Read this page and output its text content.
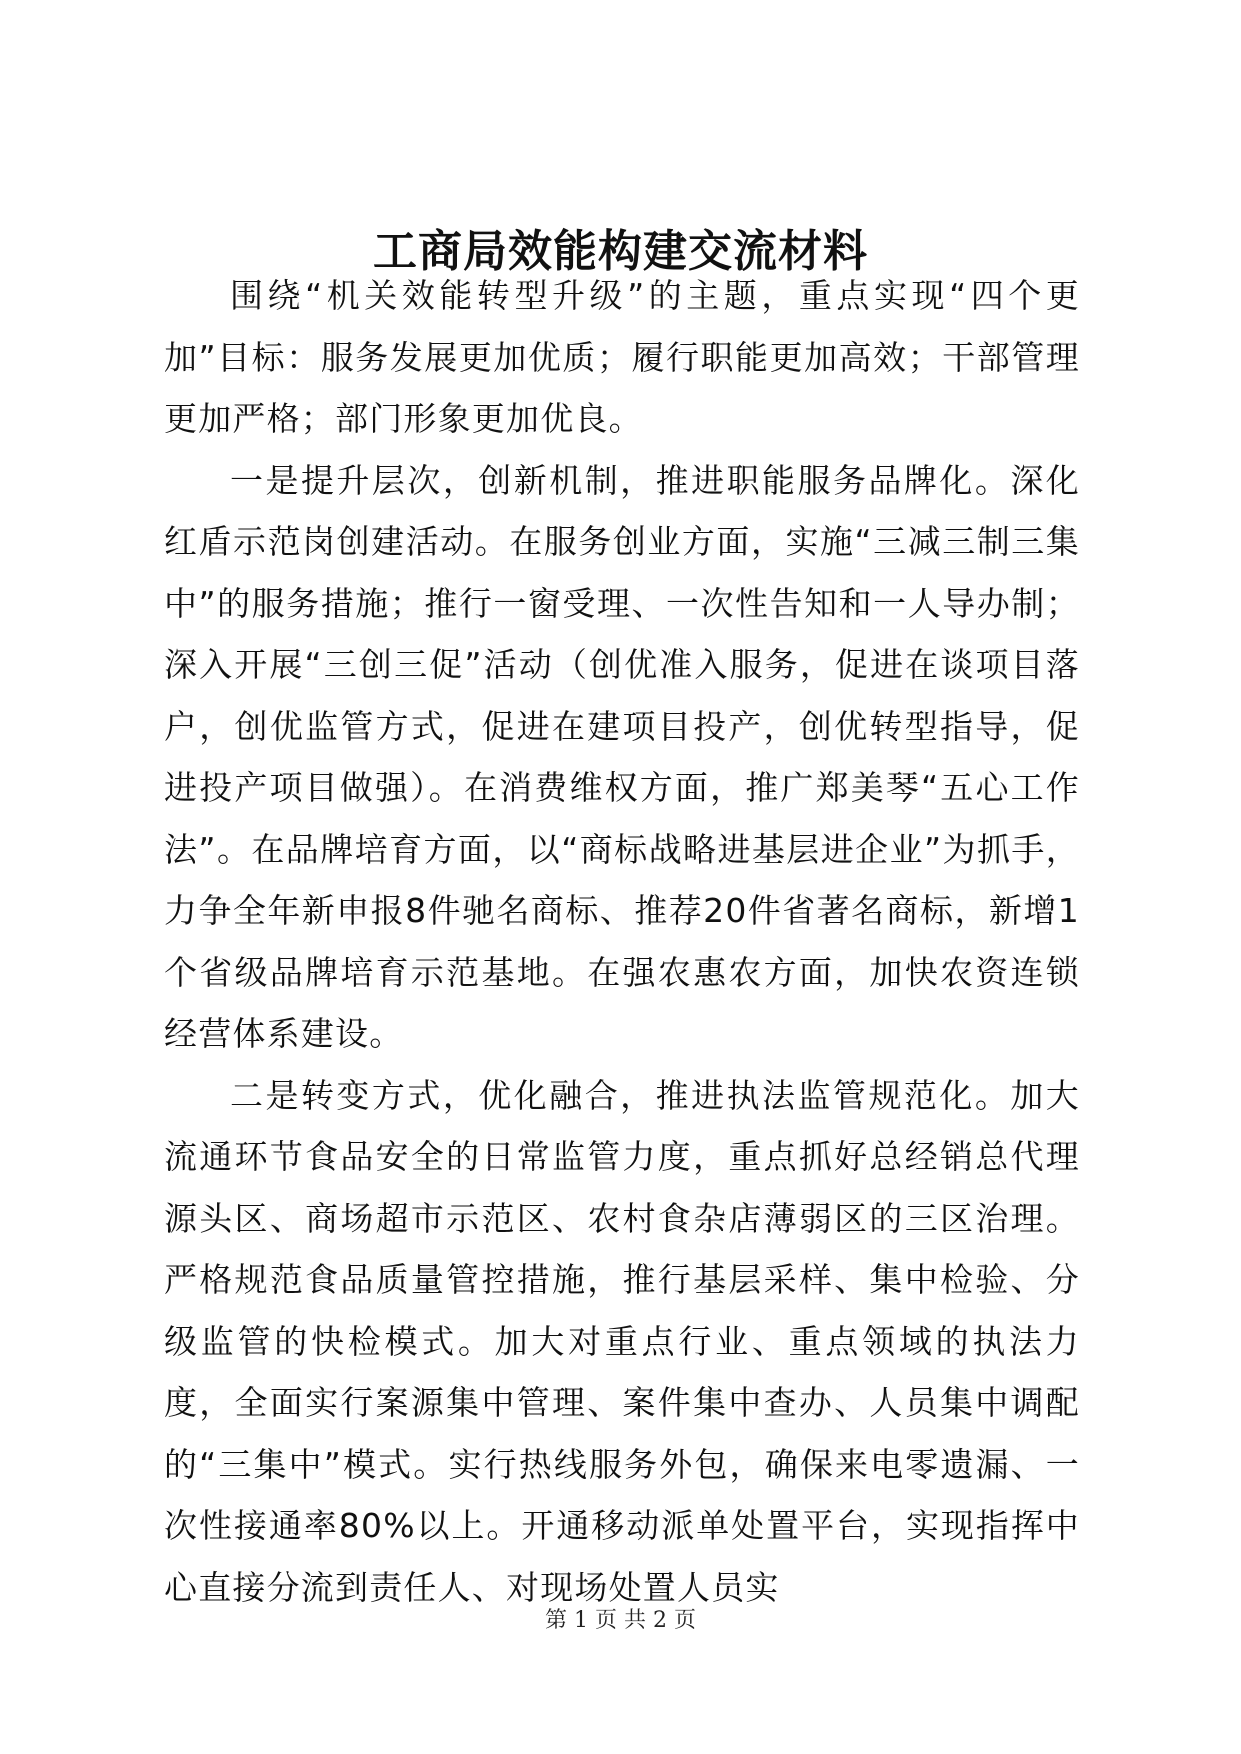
工商局效能构建交流材料

围绕“机关效能转型升级”的主题，重点实现“四个更加”目标：服务发展更加优质；履行职能更加高效；干部管理更加严格；部门形象更加优良。

一是提升层次，创新机制，推进职能服务品牌化。深化红盾示范岗创建活动。在服务创业方面，实施“三减三制三集中”的服务措施；推行一窗受理、一次性告知和一人导办制；深入开展“三创三促”活动（创优准入服务，促进在谈项目落户，创优监管方式，促进在建项目投产，创优转型指导，促进投产项目做强）。在消费维权方面，推广郑美琴“五心工作法”。在品牌培育方面，以“商标战略进基层进企业”为抓手，力争全年新申报8件驰名商标、推荐20件省著名商标，新增1个省级品牌培育示范基地。在强农惠农方面，加快农资连锁经营体系建设。

二是转变方式，优化融合，推进执法监管规范化。加大流通环节食品安全的日常监管力度，重点抓好总经销总代理源头区、商场超市示范区、农村食杂店薄弱区的三区治理。严格规范食品质量管控措施，推行基层采样、集中检验、分级监管的快检模式。加大对重点行业、重点领域的执法力度，全面实行案源集中管理、案件集中查办、人员集中调配的“三集中”模式。实行热线服务外包，确保来电零遗漏、一次性接通率80%以上。开通移动派单处置平台，实现指挥中心直接分流到责任人、对现场处置人员实

第 1 页 共 2 页
